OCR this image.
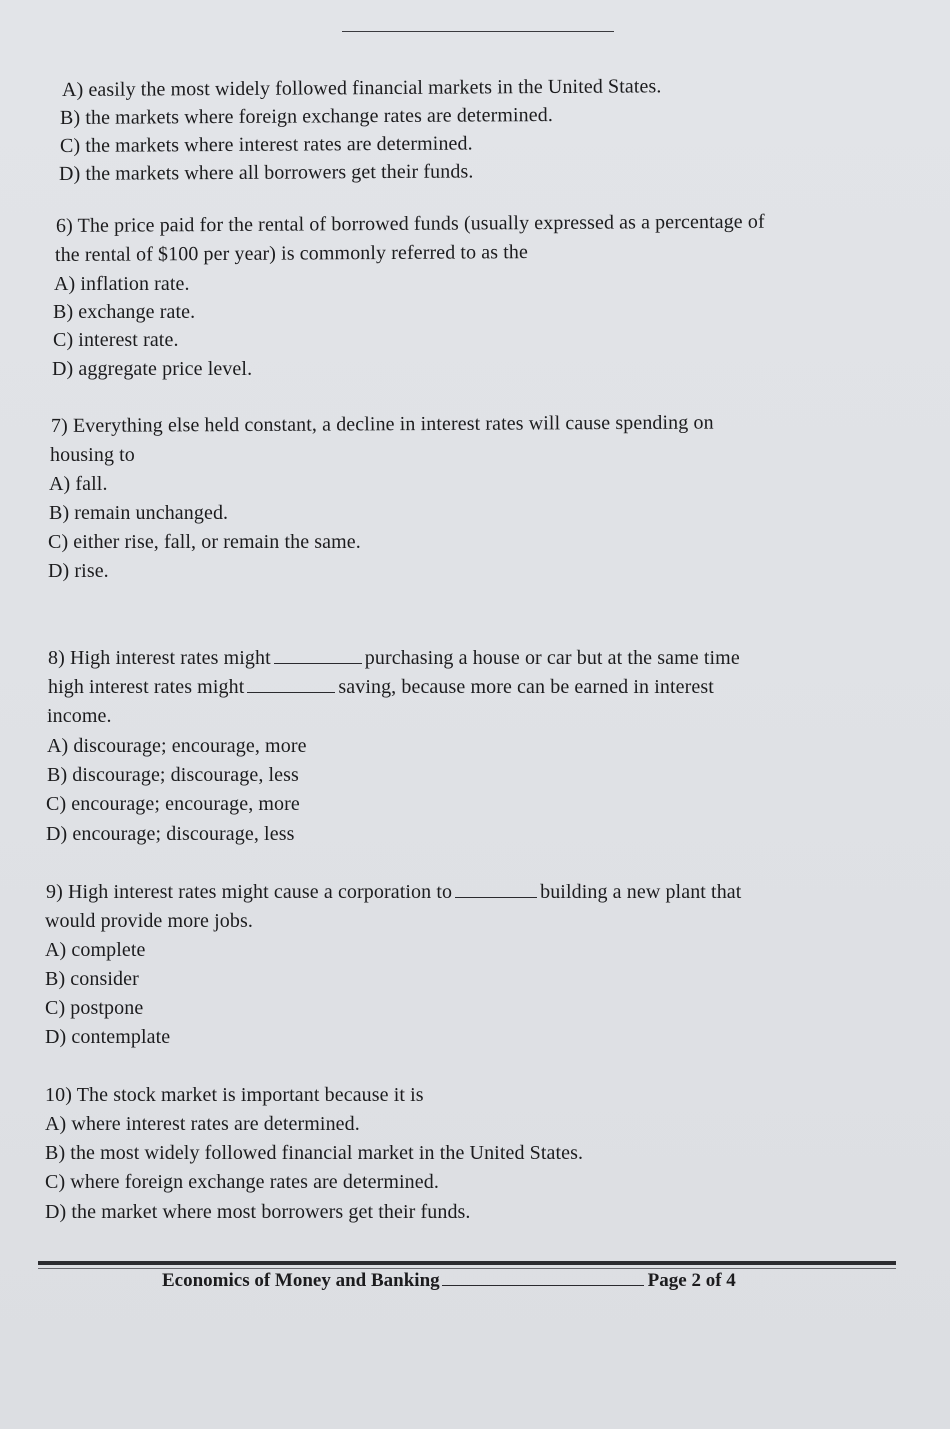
A) easily the most widely followed financial markets in the United States.
B) the markets where foreign exchange rates are determined.
C) the markets where interest rates are determined.
D) the markets where all borrowers get their funds.
6) The price paid for the rental of borrowed funds (usually expressed as a percentage of
the rental of $100 per year) is commonly referred to as the
A) inflation rate.
B) exchange rate.
C) interest rate.
D) aggregate price level.
7) Everything else held constant, a decline in interest rates will cause spending on
housing to
A) fall.
B) remain unchanged.
C) either rise, fall, or remain the same.
D) rise.
8) High interest rates might	purchasing a house or car but at the same time
high interest rates might	saving, because more can be earned in interest
income.
A) discourage; encourage, more
B) discourage; discourage, less
C) encourage; encourage, more
D) encourage; discourage, less
9) High interest rates might cause a corporation to	building a new plant that
would provide more jobs.
A) complete
B) consider
C) postpone
D) contemplate
10) The stock market is important because it is
A) where interest rates are determined.
B) the most widely followed financial market in the United States.
C) where foreign exchange rates are determined.
D) the market where most borrowers get their funds.
Economics of Money and Banking	Page 2 of 4
